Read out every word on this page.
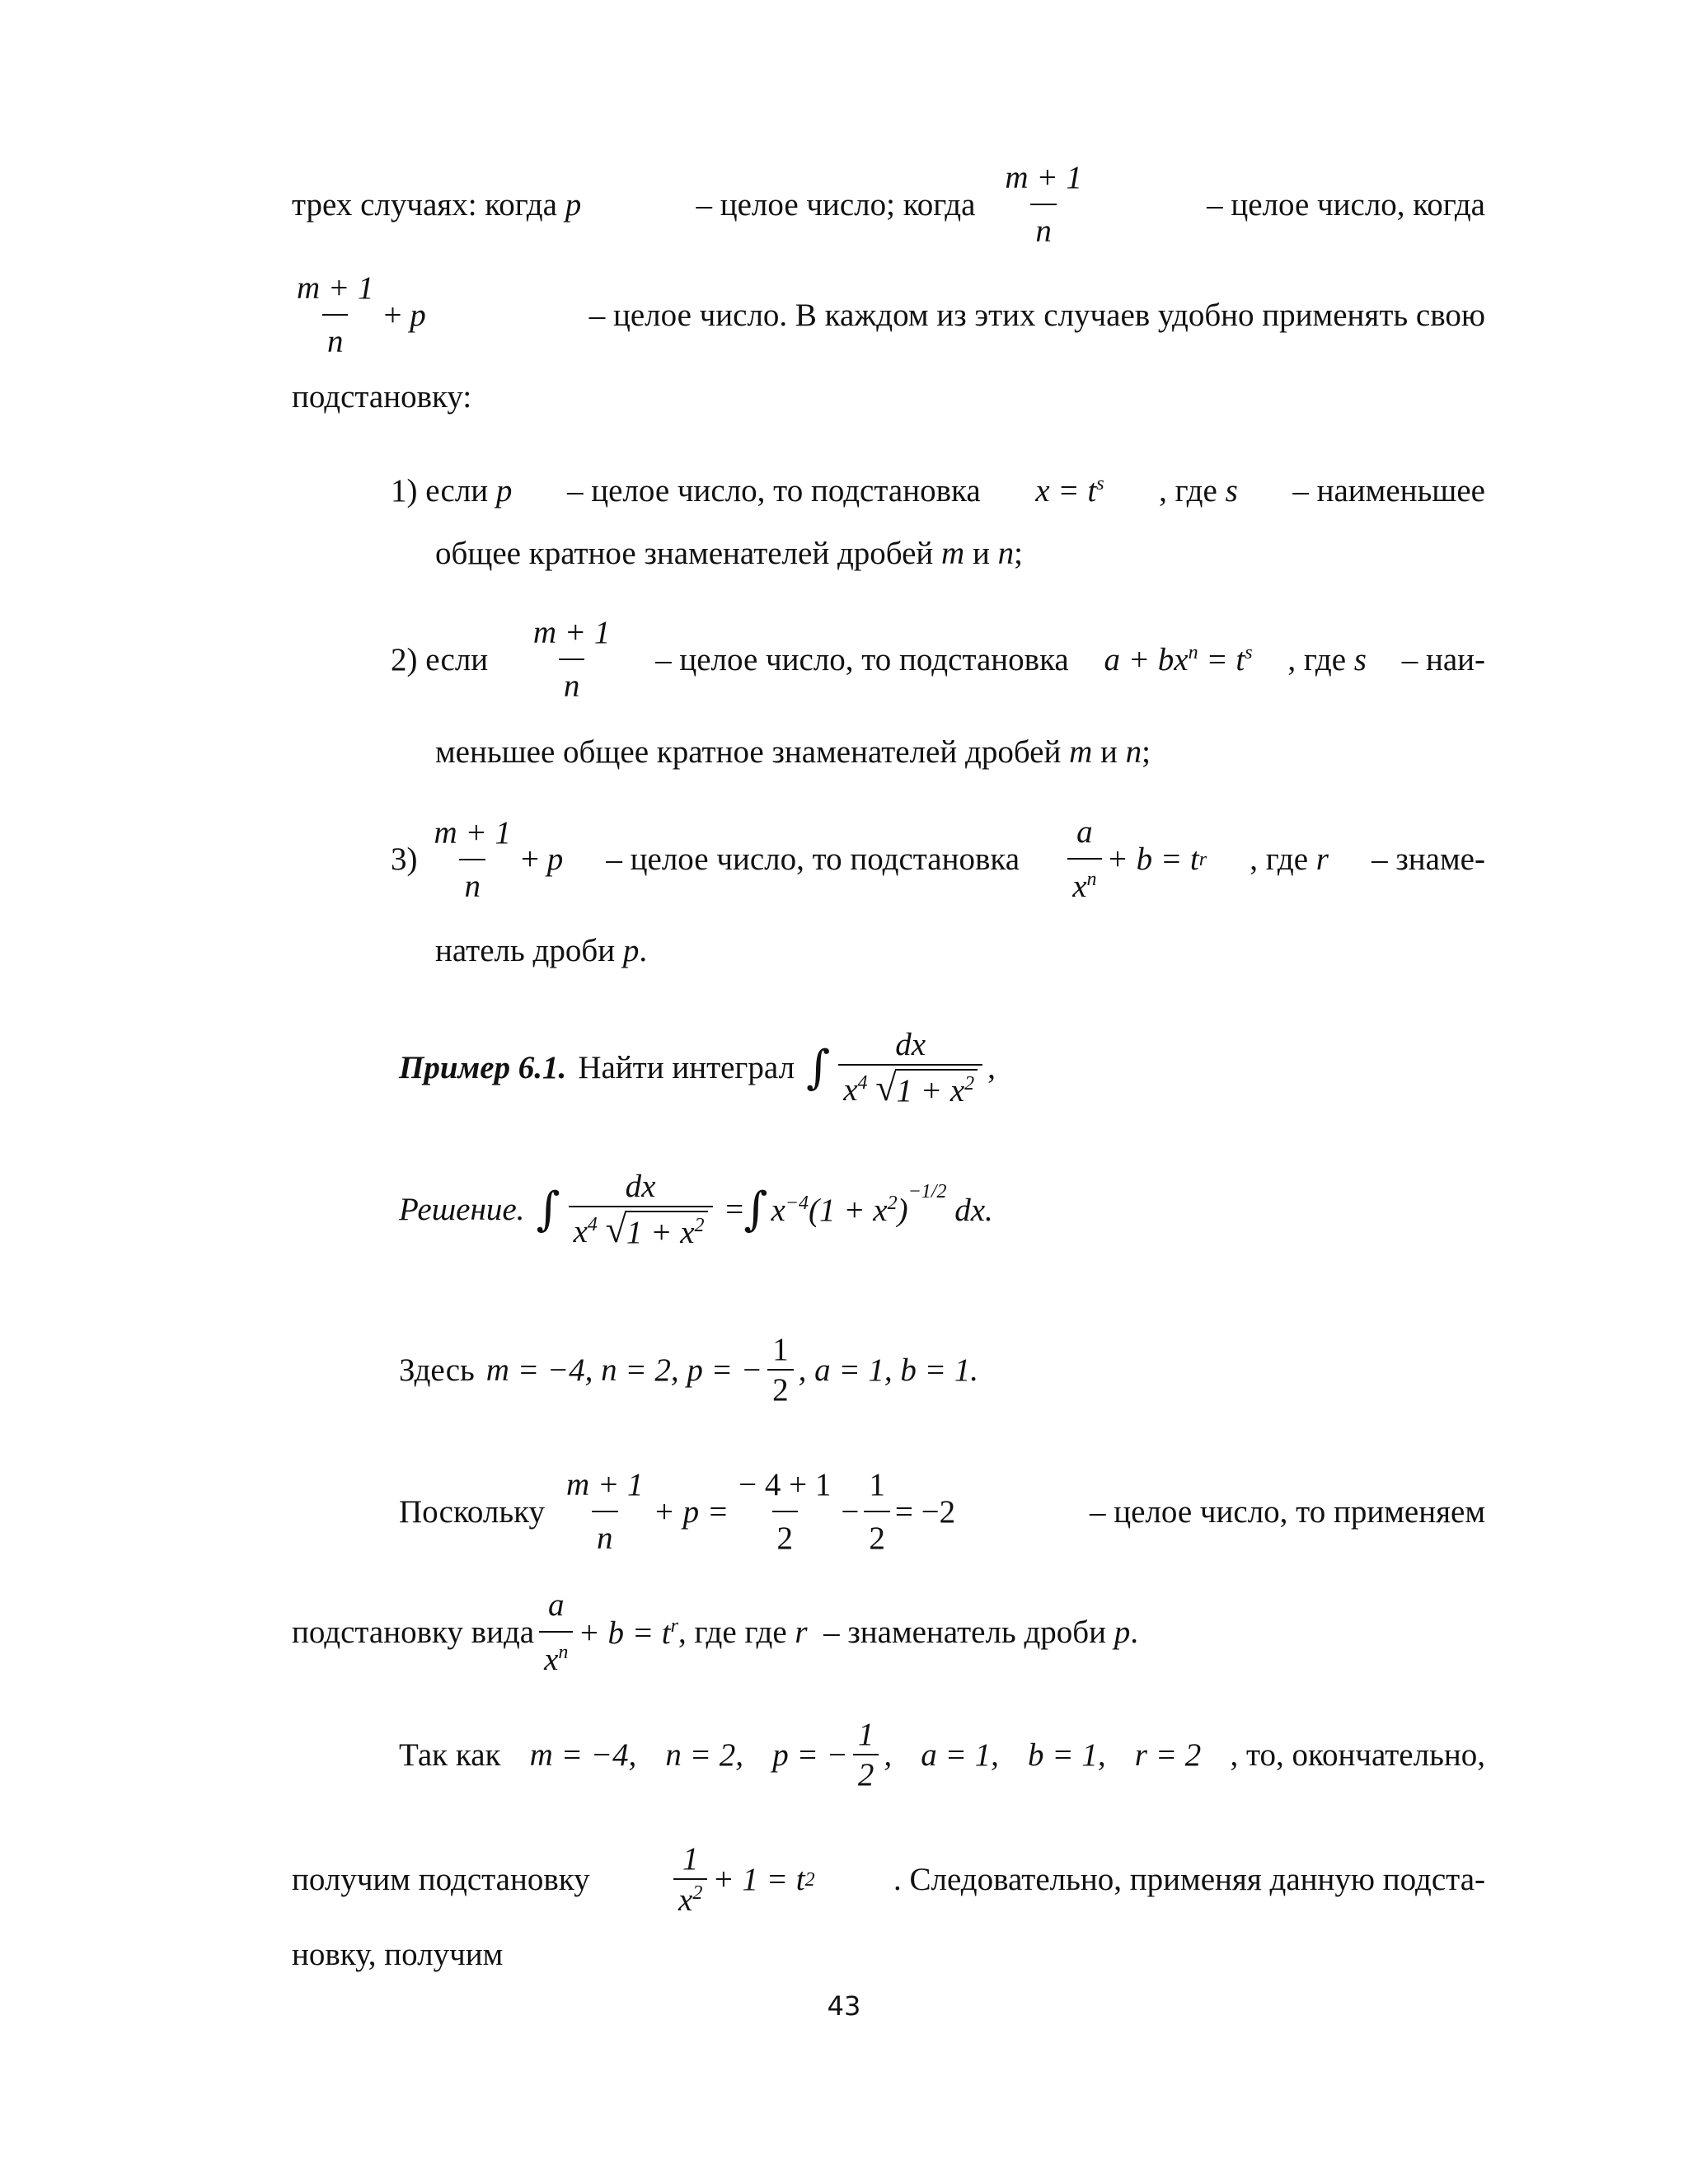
трех случаях: когда p	– целое число; когда $\frac{m + 1}{n}$	– целое число, когда
$\frac{m + 1}{n} + p$	– целое число. В каждом из этих случаев удобно применять свою
подстановку:
1) если p – целое число, то подстановка $x = t^s$ , где s – наименьшее
общее кратное знаменателей дробей m и n;
2) если $\frac{m + 1}{n}$ – целое число, то подстановка $a + bx^n = t^s$ , где s – наи-
меньшее общее кратное знаменателей дробей m и n;
$3) \frac{m + 1}{n} + p$ – целое число, то подстановка $\frac{a}{x^n} + b = t$ r , где r – знаме-
натель дроби p.
Пример 6.1. Найти интеграл ∫ $\frac{dx}{x^4 √ 1 + x^2}$ ,
Решение. ∫ $\frac{dx}{x^4 √ 1 + x^2}$ = ∫ $x^{-4}(1 + x^2)^{-1/2}$ dx.
Здесь m = −4, n = 2, p = − $\frac{1}{2}$ , a = 1, b = 1.
Поскольку $\frac{m + 1}{n} + p = \frac{- 4 + 1}{2} - \frac{1}{2} = -2$	– целое число, то применяем
подстановку вида $\frac{a}{x^n} + b = t^r$ , где где
r
– знаменатель дроби
p .
Так как m = −4, n = 2, p = − $\frac{1}{2}$ , a = 1, b = 1, r = 2 , то, окончательно,
получим подстановку	$\frac{1}{x^2} + 1 = t$ 2 . Следовательно, применяя данную подста-
новку, получим
43
